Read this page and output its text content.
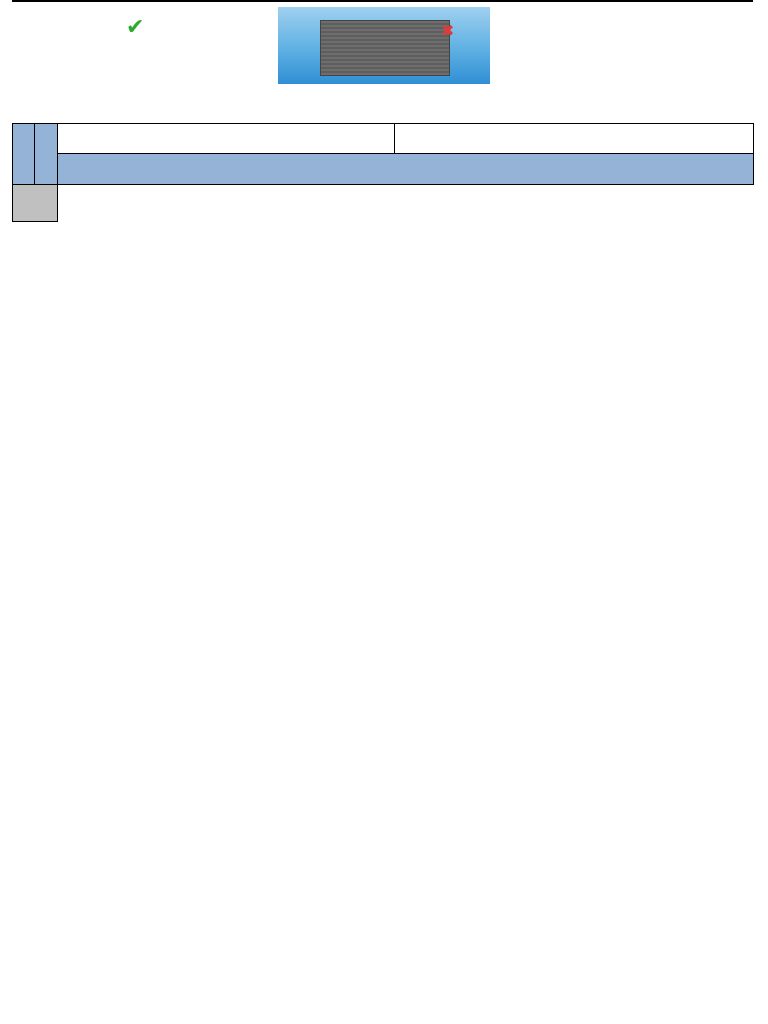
✔	✖
